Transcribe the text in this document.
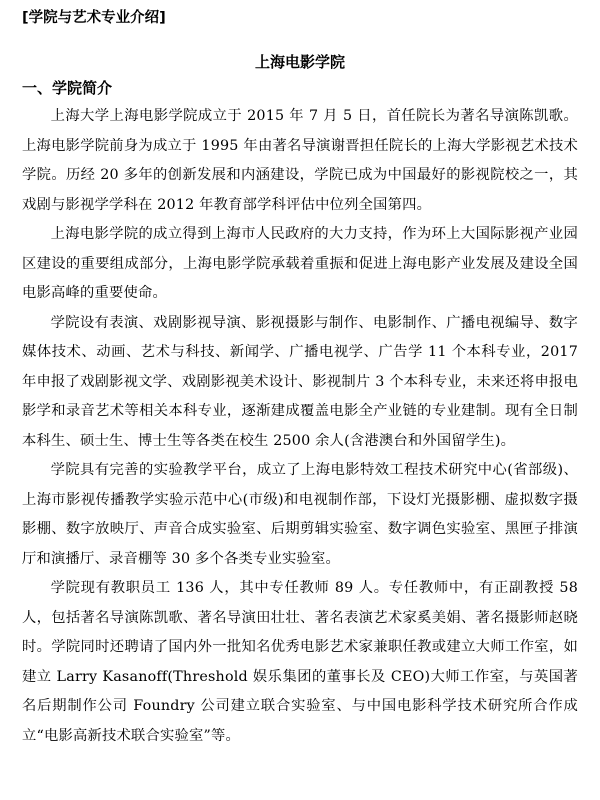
[学院与艺术专业介绍]

上海电影学院

一、学院简介

上海大学上海电影学院成立于 2015 年 7 月 5 日，首任院长为著名导演陈凯歌。上海电影学院前身为成立于 1995 年由著名导演谢晋担任院长的上海大学影视艺术技术学院。历经 20 多年的创新发展和内涵建设，学院已成为中国最好的影视院校之一，其戏剧与影视学学科在 2012 年教育部学科评估中位列全国第四。

上海电影学院的成立得到上海市人民政府的大力支持，作为环上大国际影视产业园区建设的重要组成部分，上海电影学院承载着重振和促进上海电影产业发展及建设全国电影高峰的重要使命。

学院设有表演、戏剧影视导演、影视摄影与制作、电影制作、广播电视编导、数字媒体技术、动画、艺术与科技、新闻学、广播电视学、广告学 11 个本科专业，2017 年申报了戏剧影视文学、戏剧影视美术设计、影视制片 3 个本科专业，未来还将申报电影学和录音艺术等相关本科专业，逐渐建成覆盖电影全产业链的专业建制。现有全日制本科生、硕士生、博士生等各类在校生 2500 余人(含港澳台和外国留学生)。

学院具有完善的实验教学平台，成立了上海电影特效工程技术研究中心(省部级)、上海市影视传播教学实验示范中心(市级)和电视制作部，下设灯光摄影棚、虚拟数字摄影棚、数字放映厅、声音合成实验室、后期剪辑实验室、数字调色实验室、黑匣子排演厅和演播厅、录音棚等 30 多个各类专业实验室。

学院现有教职员工 136 人，其中专任教师 89 人。专任教师中，有正副教授 58 人，包括著名导演陈凯歌、著名导演田壮壮、著名表演艺术家奚美娟、著名摄影师赵晓时。学院同时还聘请了国内外一批知名优秀电影艺术家兼职任教或建立大师工作室，如建立 Larry Kasanoff(Threshold 娱乐集团的董事长及 CEO)大师工作室，与英国著名后期制作公司 Foundry 公司建立联合实验室、与中国电影科学技术研究所合作成立“电影高新技术联合实验室”等。
